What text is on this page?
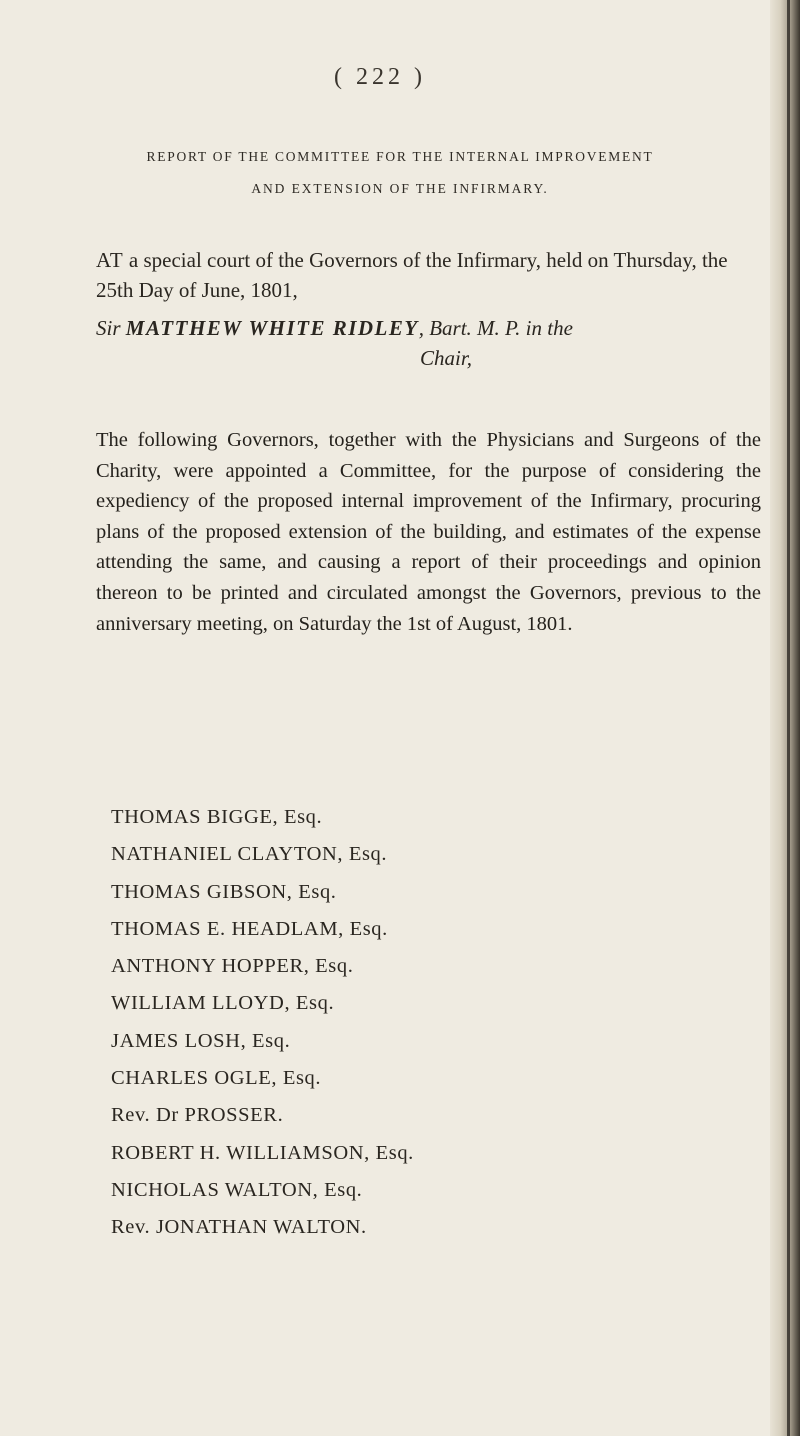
( 222 )
REPORT OF THE COMMITTEE FOR THE INTERNAL IMPROVEMENT
AND EXTENSION OF THE INFIRMARY.

AT a special court of the Governors of the Infirmary, held on Thursday, the 25th Day of June, 1801,

Sir MATTHEW WHITE RIDLEY, Bart. M. P. in the
Chair,

The following Governors, together with the Physicians and Surgeons of the Charity, were appointed a Committee, for the purpose of considering the expediency of the proposed internal improvement of the Infirmary, procuring plans of the proposed extension of the building, and estimates of the expense attending the same, and causing a report of their proceedings and opinion thereon to be printed and circulated amongst the Governors, previous to the anniversary meeting, on Saturday the 1st of August, 1801.

THOMAS BIGGE, Esq.
NATHANIEL CLAYTON, Esq.
THOMAS GIBSON, Esq.
THOMAS E. HEADLAM, Esq.
ANTHONY HOPPER, Esq.
WILLIAM LLOYD, Esq.
JAMES LOSH, Esq.
CHARLES OGLE, Esq.
Rev. Dr PROSSER.
ROBERT H. WILLIAMSON, Esq.
NICHOLAS WALTON, Esq.
Rev. JONATHAN WALTON.
